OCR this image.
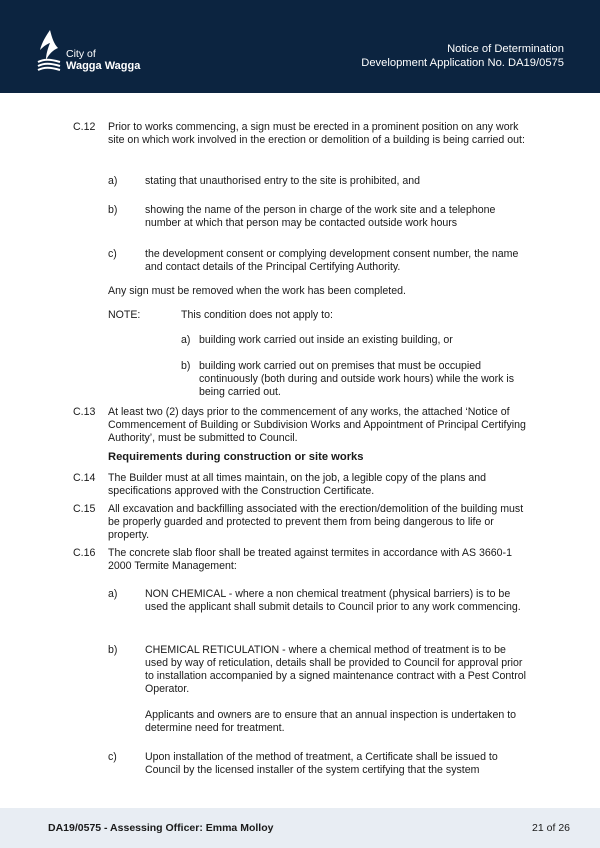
City of
Wagga Wagga
Notice of Determination
Development Application No. DA19/0575
C.12 Prior to works commencing, a sign must be erected in a prominent position on any work site on which work involved in the erection or demolition of a building is being carried out:
a)	stating that unauthorised entry to the site is prohibited, and
b)	showing the name of the person in charge of the work site and a telephone number at which that person may be contacted outside work hours
c)	the development consent or complying development consent number, the name and contact details of the Principal Certifying Authority.
Any sign must be removed when the work has been completed.
NOTE:	This condition does not apply to:
a) building work carried out inside an existing building, or
b) building work carried out on premises that must be occupied continuously (both during and outside work hours) while the work is being carried out.
C.13 At least two (2) days prior to the commencement of any works, the attached ‘Notice of Commencement of Building or Subdivision Works and Appointment of Principal Certifying Authority’, must be submitted to Council.
Requirements during construction or site works
C.14 The Builder must at all times maintain, on the job, a legible copy of the plans and specifications approved with the Construction Certificate.
C.15 All excavation and backfilling associated with the erection/demolition of the building must be properly guarded and protected to prevent them from being dangerous to life or property.
C.16 The concrete slab floor shall be treated against termites in accordance with AS 3660-1 2000 Termite Management:
a)	NON CHEMICAL - where a non chemical treatment (physical barriers) is to be used the applicant shall submit details to Council prior to any work commencing.
b)	CHEMICAL RETICULATION - where a chemical method of treatment is to be used by way of reticulation, details shall be provided to Council for approval prior to installation accompanied by a signed maintenance contract with a Pest Control Operator.
Applicants and owners are to ensure that an annual inspection is undertaken to determine need for treatment.
c)	Upon installation of the method of treatment, a Certificate shall be issued to Council by the licensed installer of the system certifying that the system
DA19/0575 - Assessing Officer: Emma Molloy	21 of 26
